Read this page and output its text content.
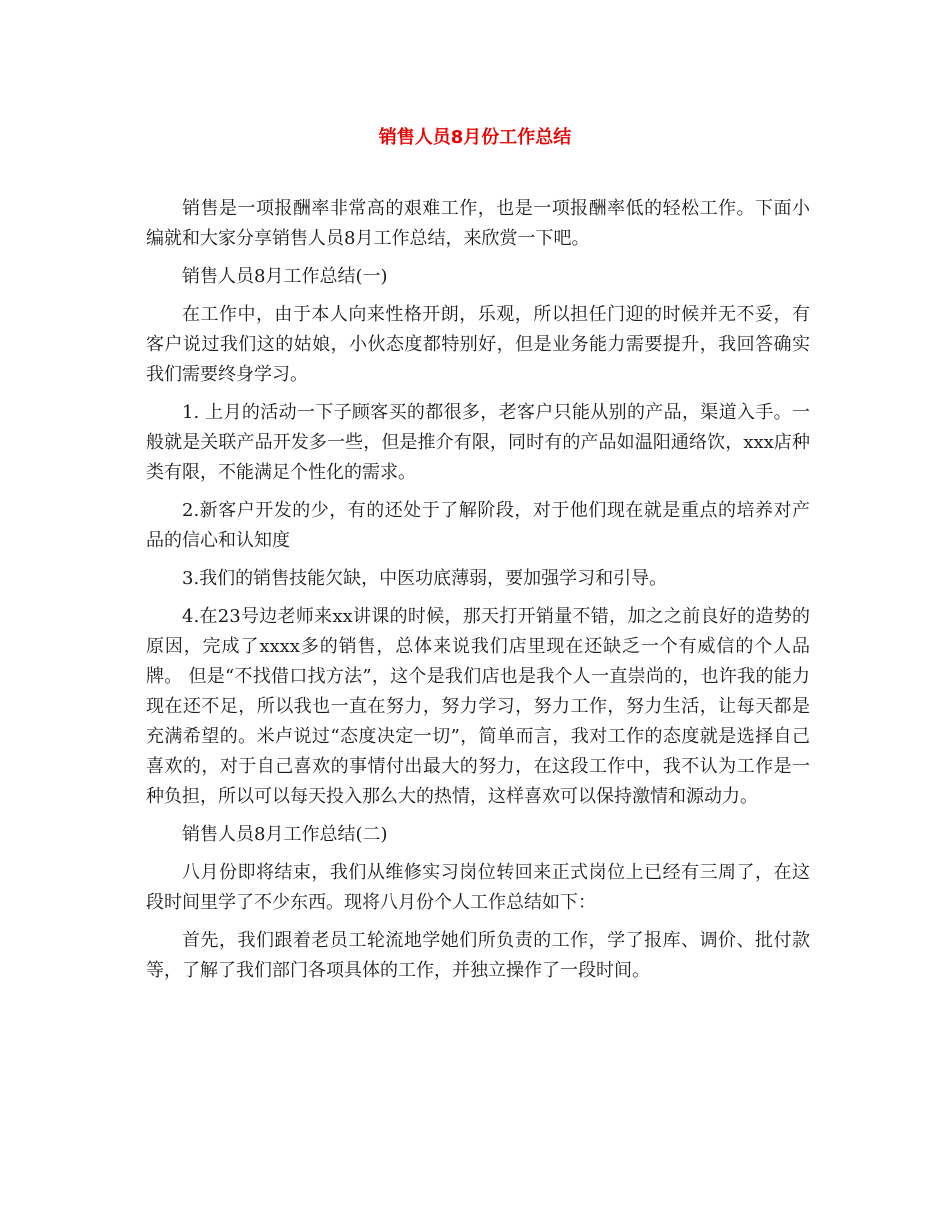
销售人员8月份工作总结

销售是一项报酬率非常高的艰难工作，也是一项报酬率低的轻松工作。下面小编就和大家分享销售人员8月工作总结，来欣赏一下吧。

销售人员8月工作总结(一)

在工作中，由于本人向来性格开朗，乐观，所以担任门迎的时候并无不妥，有客户说过我们这的姑娘，小伙态度都特别好，但是业务能力需要提升，我回答确实我们需要终身学习。

1. 上月的活动一下子顾客买的都很多，老客户只能从别的产品，渠道入手。一般就是关联产品开发多一些，但是推介有限，同时有的产品如温阳通络饮，xxx店种类有限，不能满足个性化的需求。

2.新客户开发的少，有的还处于了解阶段，对于他们现在就是重点的培养对产品的信心和认知度

3.我们的销售技能欠缺，中医功底薄弱，要加强学习和引导。

4.在23号边老师来xx讲课的时候，那天打开销量不错，加之之前良好的造势的原因，完成了xxxx多的销售，总体来说我们店里现在还缺乏一个有威信的个人品牌。 但是“不找借口找方法”，这个是我们店也是我个人一直崇尚的，也许我的能力现在还不足，所以我也一直在努力，努力学习，努力工作，努力生活，让每天都是充满希望的。米卢说过“态度决定一切”，简单而言，我对工作的态度就是选择自己喜欢的，对于自己喜欢的事情付出最大的努力，在这段工作中，我不认为工作是一种负担，所以可以每天投入那么大的热情，这样喜欢可以保持激情和源动力。

销售人员8月工作总结(二)

八月份即将结束，我们从维修实习岗位转回来正式岗位上已经有三周了，在这段时间里学了不少东西。现将八月份个人工作总结如下：

首先，我们跟着老员工轮流地学她们所负责的工作，学了报库、调价、批付款等，了解了我们部门各项具体的工作，并独立操作了一段时间。
